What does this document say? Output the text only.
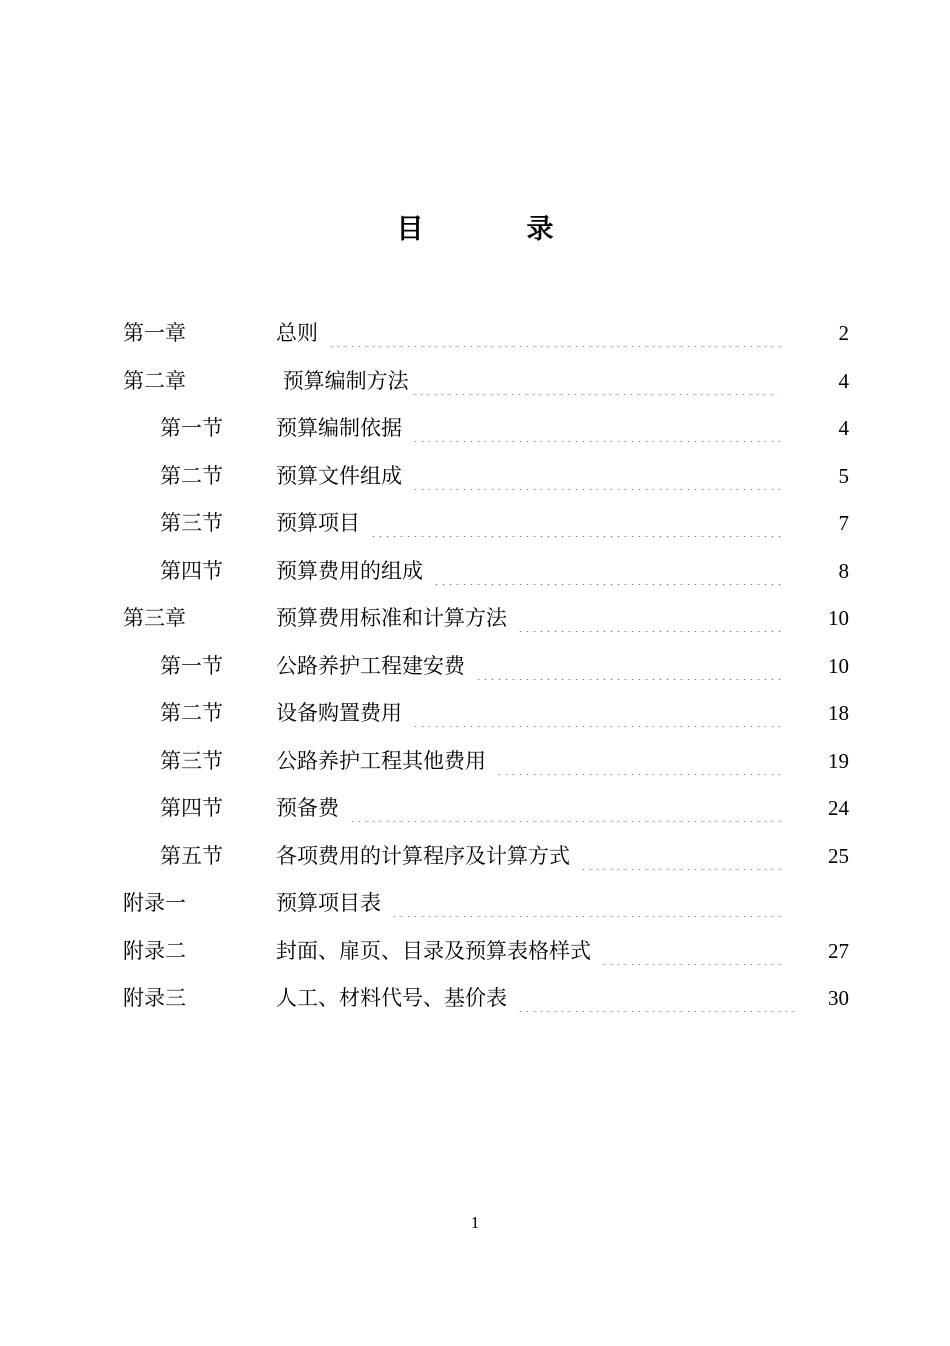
目　录
第一章	总则	2
第二章	预算编制方法	4
第一节	预算编制依据	4
第二节	预算文件组成	5
第三节	预算项目	7
第四节	预算费用的组成	8
第三章	预算费用标准和计算方法	10
第一节	公路养护工程建安费	10
第二节	设备购置费用	18
第三节	公路养护工程其他费用	19
第四节	预备费	24
第五节	各项费用的计算程序及计算方式	25
附录一	预算项目表
附录二	封面、扉页、目录及预算表格样式	27
附录三	人工、材料代号、基价表	30
1
